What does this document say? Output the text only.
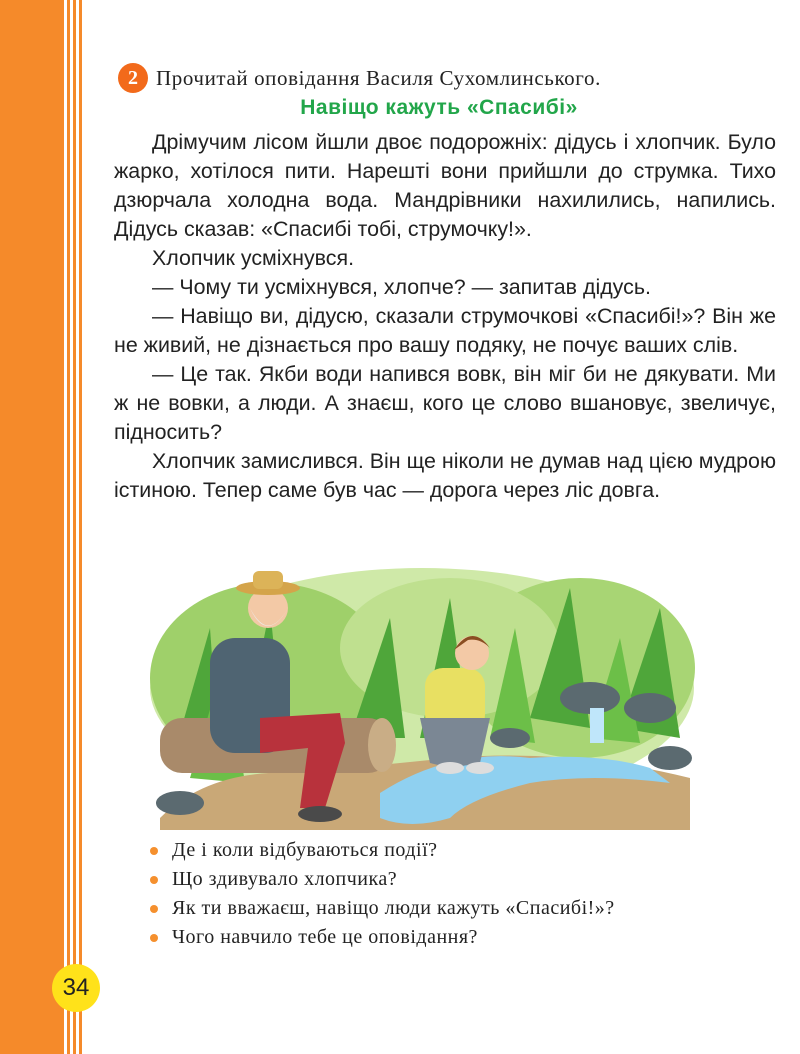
2 Прочитай оповідання Василя Сухомлинського.
Навіщо кажуть «Спасибі»

Дрімучим лісом йшли двоє подорожніх: дідусь і хлопчик. Було жарко, хотілося пити. Нарешті вони прийшли до струмка. Тихо дзюрчала холодна вода. Мандрівники нахилились, напились. Дідусь сказав: «Спасибі тобі, струмочку!».

Хлопчик усміхнувся.

— Чому ти усміхнувся, хлопче? — запитав дідусь.

— Навіщо ви, дідусю, сказали струмочкові «Спасибі!»? Він же не живий, не дізнається про вашу подяку, не почує ваших слів.

— Це так. Якби води напився вовк, він міг би не дякувати. Ми ж не вовки, а люди. А знаєш, кого це слово вшановує, звеличує, підносить?

Хлопчик замислився. Він ще ніколи не думав над цією мудрою істиною. Тепер саме був час — дорога через ліс довга.

Де і коли відбуваються події?
Що здивувало хлопчика?
Як ти вважаєш, навіщо люди кажуть «Спасибі!»?
Чого навчило тебе це оповідання?
34
